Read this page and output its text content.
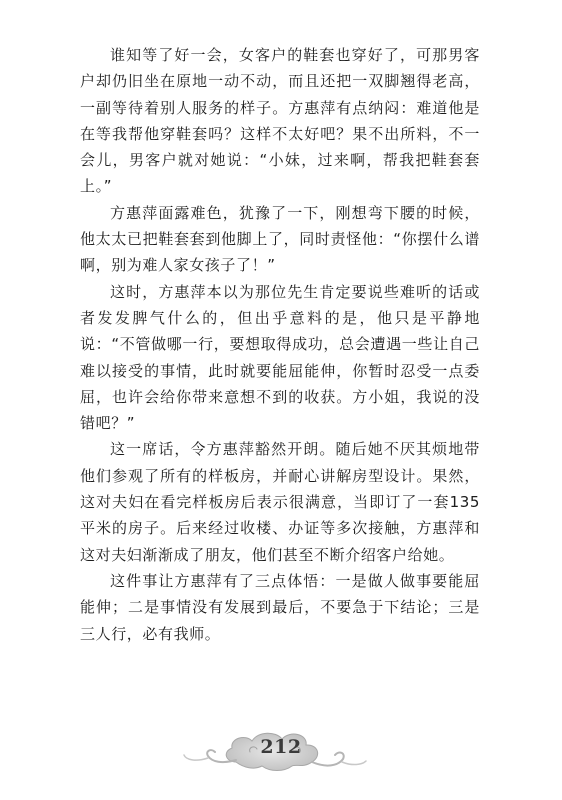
谁知等了好一会，女客户的鞋套也穿好了，可那男客户却仍旧坐在原地一动不动，而且还把一双脚翘得老高，一副等待着别人服务的样子。方惠萍有点纳闷：难道他是在等我帮他穿鞋套吗？这样不太好吧？果不出所料，不一会儿，男客户就对她说：“小妹，过来啊，帮我把鞋套套上。”

方惠萍面露难色，犹豫了一下，刚想弯下腰的时候，他太太已把鞋套套到他脚上了，同时责怪他：“你摆什么谱啊，别为难人家女孩子了！”

这时，方惠萍本以为那位先生肯定要说些难听的话或者发发脾气什么的，但出乎意料的是，他只是平静地说：“不管做哪一行，要想取得成功，总会遭遇一些让自己难以接受的事情，此时就要能屈能伸，你暂时忍受一点委屈，也许会给你带来意想不到的收获。方小姐，我说的没错吧？”

这一席话，令方惠萍豁然开朗。随后她不厌其烦地带他们参观了所有的样板房，并耐心讲解房型设计。果然，这对夫妇在看完样板房后表示很满意，当即订了一套135平米的房子。后来经过收楼、办证等多次接触，方惠萍和这对夫妇渐渐成了朋友，他们甚至不断介绍客户给她。

这件事让方惠萍有了三点体悟：一是做人做事要能屈能伸；二是事情没有发展到最后，不要急于下结论；三是三人行，必有我师。

212
